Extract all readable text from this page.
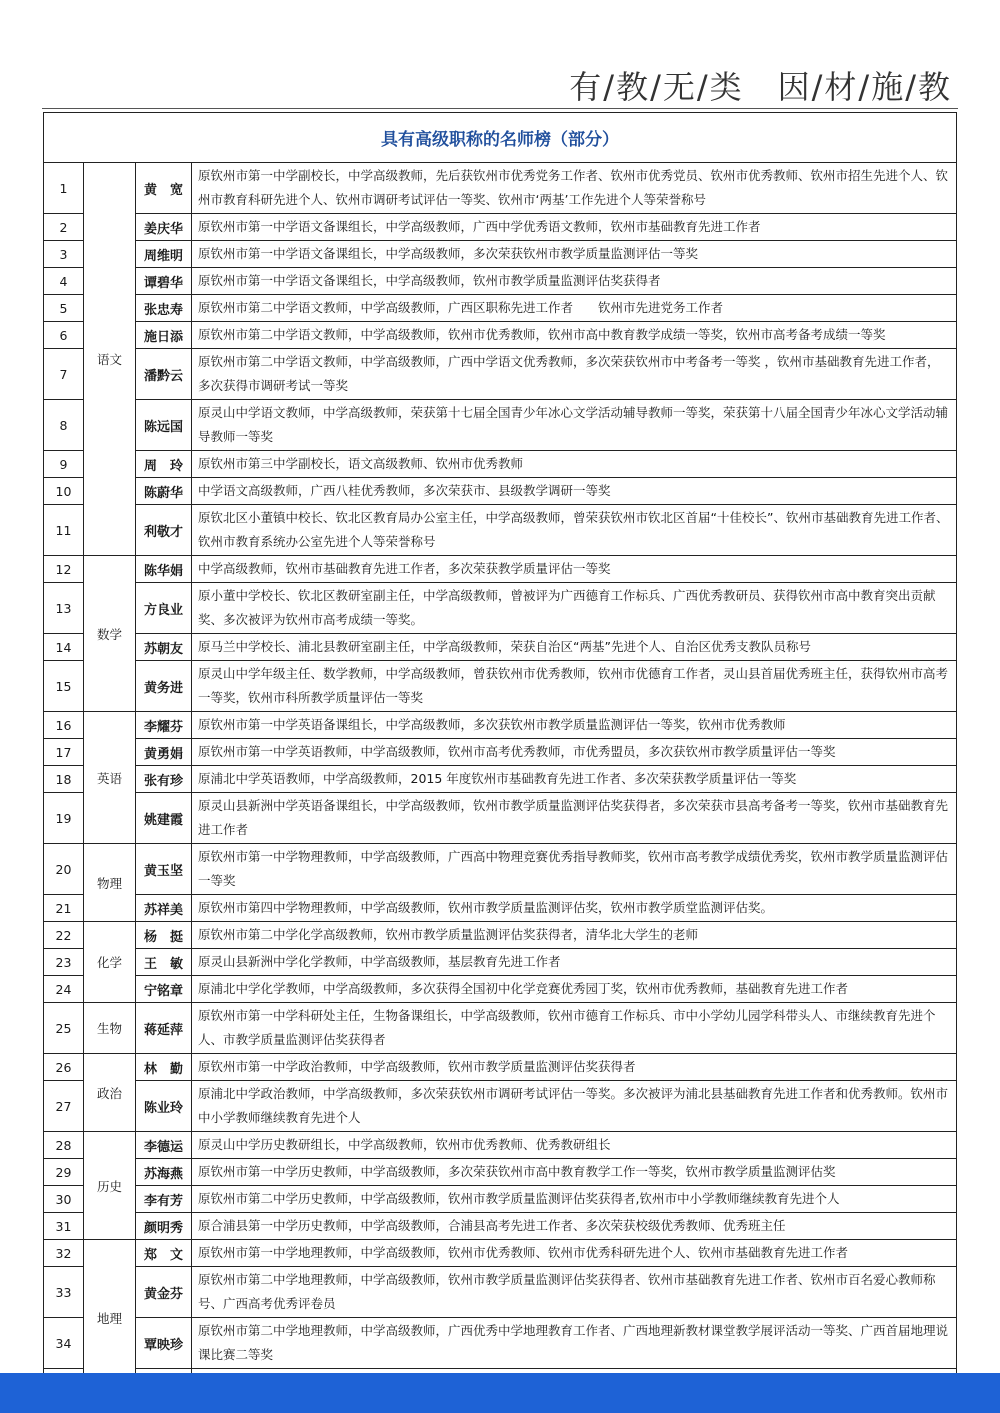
有/教/无/类　因/材/施/教
具有高级职称的名师榜（部分）			
1	语文	黄　宽	原钦州市第一中学副校长，中学高级教师，先后获钦州市优秀党务工作者、钦州市优秀党员、钦州市优秀教师、钦州市招生先进个人、钦州市教育科研先进个人、钦州市调研考试评估一等奖、钦州市‘两基’工作先进个人等荣誉称号
2		姜庆华	原钦州市第一中学语文备课组长，中学高级教师，广西中学优秀语文教师，钦州市基础教育先进工作者
3		周维明	原钦州市第一中学语文备课组长，中学高级教师，多次荣获钦州市教学质量监测评估一等奖
4		谭碧华	原钦州市第一中学语文备课组长，中学高级教师，钦州市教学质量监测评估奖获得者
5		张忠寿	原钦州市第二中学语文教师，中学高级教师，广西区职称先进工作者　　钦州市先进党务工作者
6		施日添	原钦州市第二中学语文教师，中学高级教师，钦州市优秀教师，钦州市高中教育教学成绩一等奖，钦州市高考备考成绩一等奖
7		潘黔云	原钦州市第二中学语文教师，中学高级教师，广西中学语文优秀教师，多次荣获钦州市中考备考一等奖 ，钦州市基础教育先进工作者，多次获得市调研考试一等奖
8		陈远国	原灵山中学语文教师，中学高级教师，荣获第十七届全国青少年冰心文学活动辅导教师一等奖，荣获第十八届全国青少年冰心文学活动辅导教师一等奖
9		周　玲	原钦州市第三中学副校长，语文高级教师、钦州市优秀教师
10		陈蔚华	中学语文高级教师，广西八桂优秀教师，多次荣获市、县级教学调研一等奖
11		利敬才	原钦北区小董镇中校长、钦北区教育局办公室主任，中学高级教师，曾荣获钦州市钦北区首届“十佳校长”、钦州市基础教育先进工作者、钦州市教育系统办公室先进个人等荣誉称号
12	数学	陈华娟	中学高级教师，钦州市基础教育先进工作者，多次荣获教学质量评估一等奖
13		方良业	原小董中学校长、钦北区教研室副主任，中学高级教师，曾被评为广西德育工作标兵、广西优秀教研员、获得钦州市高中教育突出贡献奖、多次被评为钦州市高考成绩一等奖。
14		苏朝友	原马兰中学校长、浦北县教研室副主任，中学高级教师，荣获自治区“两基”先进个人、自治区优秀支教队员称号
15		黄务进	原灵山中学年级主任、数学教师，中学高级教师，曾获钦州市优秀教师，钦州市优德育工作者，灵山县首届优秀班主任，获得钦州市高考一等奖，钦州市科所教学质量评估一等奖
16	英语	李耀芬	原钦州市第一中学英语备课组长，中学高级教师，多次获钦州市教学质量监测评估一等奖，钦州市优秀教师
17		黄勇娟	原钦州市第一中学英语教师，中学高级教师，钦州市高考优秀教师，市优秀盟员，多次获钦州市教学质量评估一等奖
18		张有珍	原浦北中学英语教师，中学高级教师，2015 年度钦州市基础教育先进工作者、多次荣获教学质量评估一等奖
19		姚建霞	原灵山县新洲中学英语备课组长，中学高级教师，钦州市教学质量监测评估奖获得者，多次荣获市县高考备考一等奖，钦州市基础教育先进工作者
20	物理	黄玉坚	原钦州市第一中学物理教师，中学高级教师，广西高中物理竞赛优秀指导教师奖，钦州市高考教学成绩优秀奖，钦州市教学质量监测评估一等奖
21		苏祥美	原钦州市第四中学物理教师，中学高级教师，钦州市教学质量监测评估奖，钦州市教学质堂监测评估奖。
22	化学	杨　挺	原钦州市第二中学化学高级教师，钦州市教学质量监测评估奖获得者，清华北大学生的老师
23		王　敏	原灵山县新洲中学化学教师，中学高级教师，基层教育先进工作者
24		宁铭章	原浦北中学化学教师，中学高级教师，多次获得全国初中化学竞赛优秀园丁奖，钦州市优秀教师，基础教育先进工作者
25	生物	蒋延萍	原钦州市第一中学科研处主任，生物备课组长，中学高级教师，钦州市德育工作标兵、市中小学幼儿园学科带头人、市继续教育先进个人、市教学质量监测评估奖获得者
26	政治	林　勤	原钦州市第一中学政治教师，中学高级教师，钦州市教学质量监测评估奖获得者
27		陈业玲	原浦北中学政治教师，中学高级教师，多次荣获钦州市调研考试评估一等奖。多次被评为浦北县基础教育先进工作者和优秀教师。钦州市中小学教师继续教育先进个人
28	历史	李德运	原灵山中学历史教研组长，中学高级教师，钦州市优秀教师、优秀教研组长
29		苏海燕	原钦州市第一中学历史教师，中学高级教师，多次荣获钦州市高中教育教学工作一等奖，钦州市教学质量监测评估奖
30		李有芳	原钦州市第二中学历史教师，中学高级教师，钦州市教学质量监测评估奖获得者,钦州市中小学教师继续教育先进个人
31		颜明秀	原合浦县第一中学历史教师，中学高级教师，合浦县高考先进工作者、多次荣获校级优秀教师、优秀班主任
32	地理	郑　文	原钦州市第一中学地理教师，中学高级教师，钦州市优秀教师、钦州市优秀科研先进个人、钦州市基础教育先进工作者
33		黄金芬	原钦州市第二中学地理教师，中学高级教师，钦州市教学质量监测评估奖获得者、钦州市基础教育先进工作者、钦州市百名爱心教师称号、广西高考优秀评卷员
34		覃映珍	原钦州市第二中学地理教师，中学高级教师，广西优秀中学地理教育工作者、广西地理新教材课堂教学展评活动一等奖、广西首届地理说课比赛二等奖
